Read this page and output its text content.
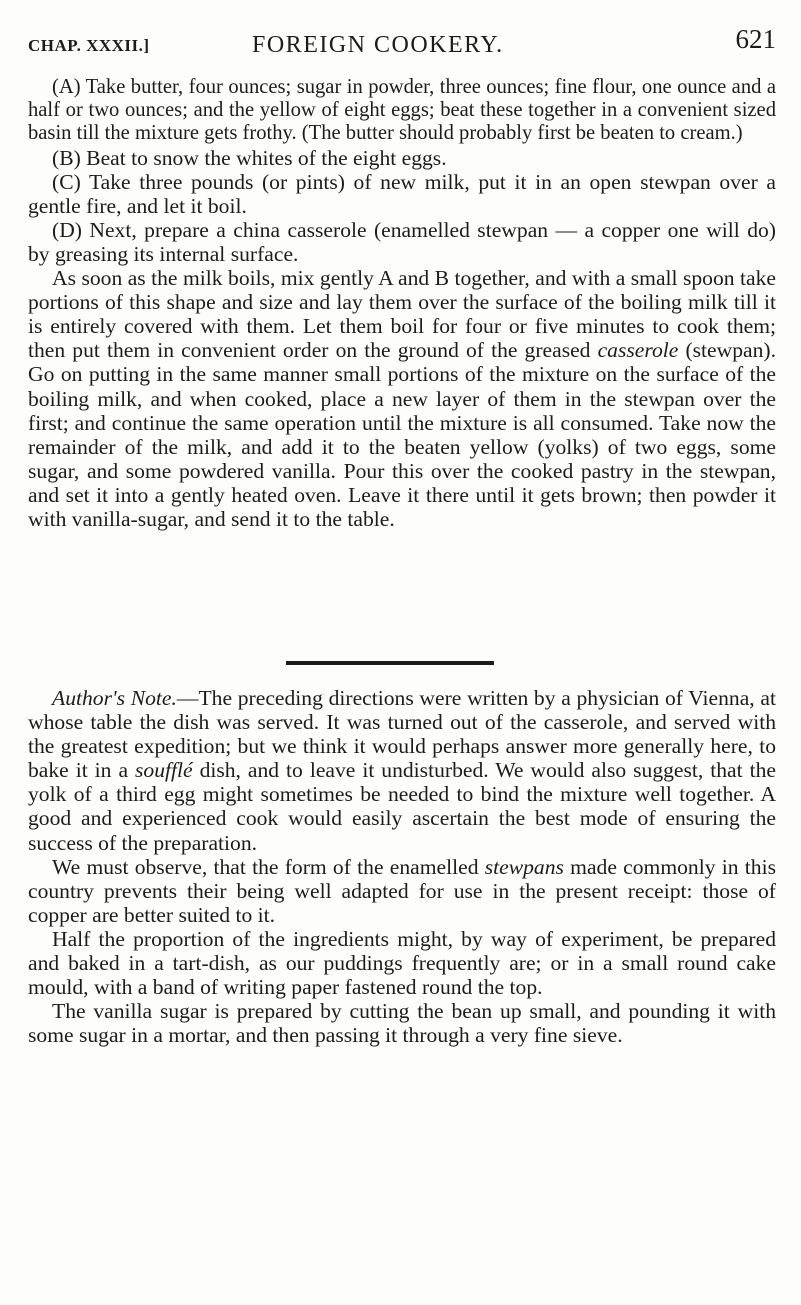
CHAP. XXXII.]	FOREIGN COOKERY.	621

(A) Take butter, four ounces; sugar in powder, three ounces; fine flour, one ounce and a half or two ounces; and the yellow of eight eggs; beat these together in a convenient sized basin till the mixture gets frothy. (The butter should probably first be beaten to cream.)

(B) Beat to snow the whites of the eight eggs.

(C) Take three pounds (or pints) of new milk, put it in an open stewpan over a gentle fire, and let it boil.

(D) Next, prepare a china casserole (enamelled stewpan — a copper one will do) by greasing its internal surface.

As soon as the milk boils, mix gently A and B together, and with a small spoon take portions of this shape and size and lay them over the surface of the boiling milk till it is entirely covered with them. Let them boil for four or five minutes to cook them; then put them in convenient order on the ground of the greased casserole (stewpan). Go on putting in the same manner small portions of the mixture on the surface of the boiling milk, and when cooked, place a new layer of them in the stewpan over the first; and continue the same operation until the mixture is all consumed. Take now the remainder of the milk, and add it to the beaten yellow (yolks) of two eggs, some sugar, and some powdered vanilla. Pour this over the cooked pastry in the stewpan, and set it into a gently heated oven. Leave it there until it gets brown; then powder it with vanilla-sugar, and send it to the table.

Author's Note.—The preceding directions were written by a physician of Vienna, at whose table the dish was served. It was turned out of the casserole, and served with the greatest expedition; but we think it would perhaps answer more generally here, to bake it in a soufflé dish, and to leave it undisturbed. We would also suggest, that the yolk of a third egg might sometimes be needed to bind the mixture well together. A good and experienced cook would easily ascertain the best mode of ensuring the success of the preparation.

We must observe, that the form of the enamelled stewpans made commonly in this country prevents their being well adapted for use in the present receipt: those of copper are better suited to it.

Half the proportion of the ingredients might, by way of experiment, be prepared and baked in a tart-dish, as our puddings frequently are; or in a small round cake mould, with a band of writing paper fastened round the top.

The vanilla sugar is prepared by cutting the bean up small, and pounding it with some sugar in a mortar, and then passing it through a very fine sieve.
